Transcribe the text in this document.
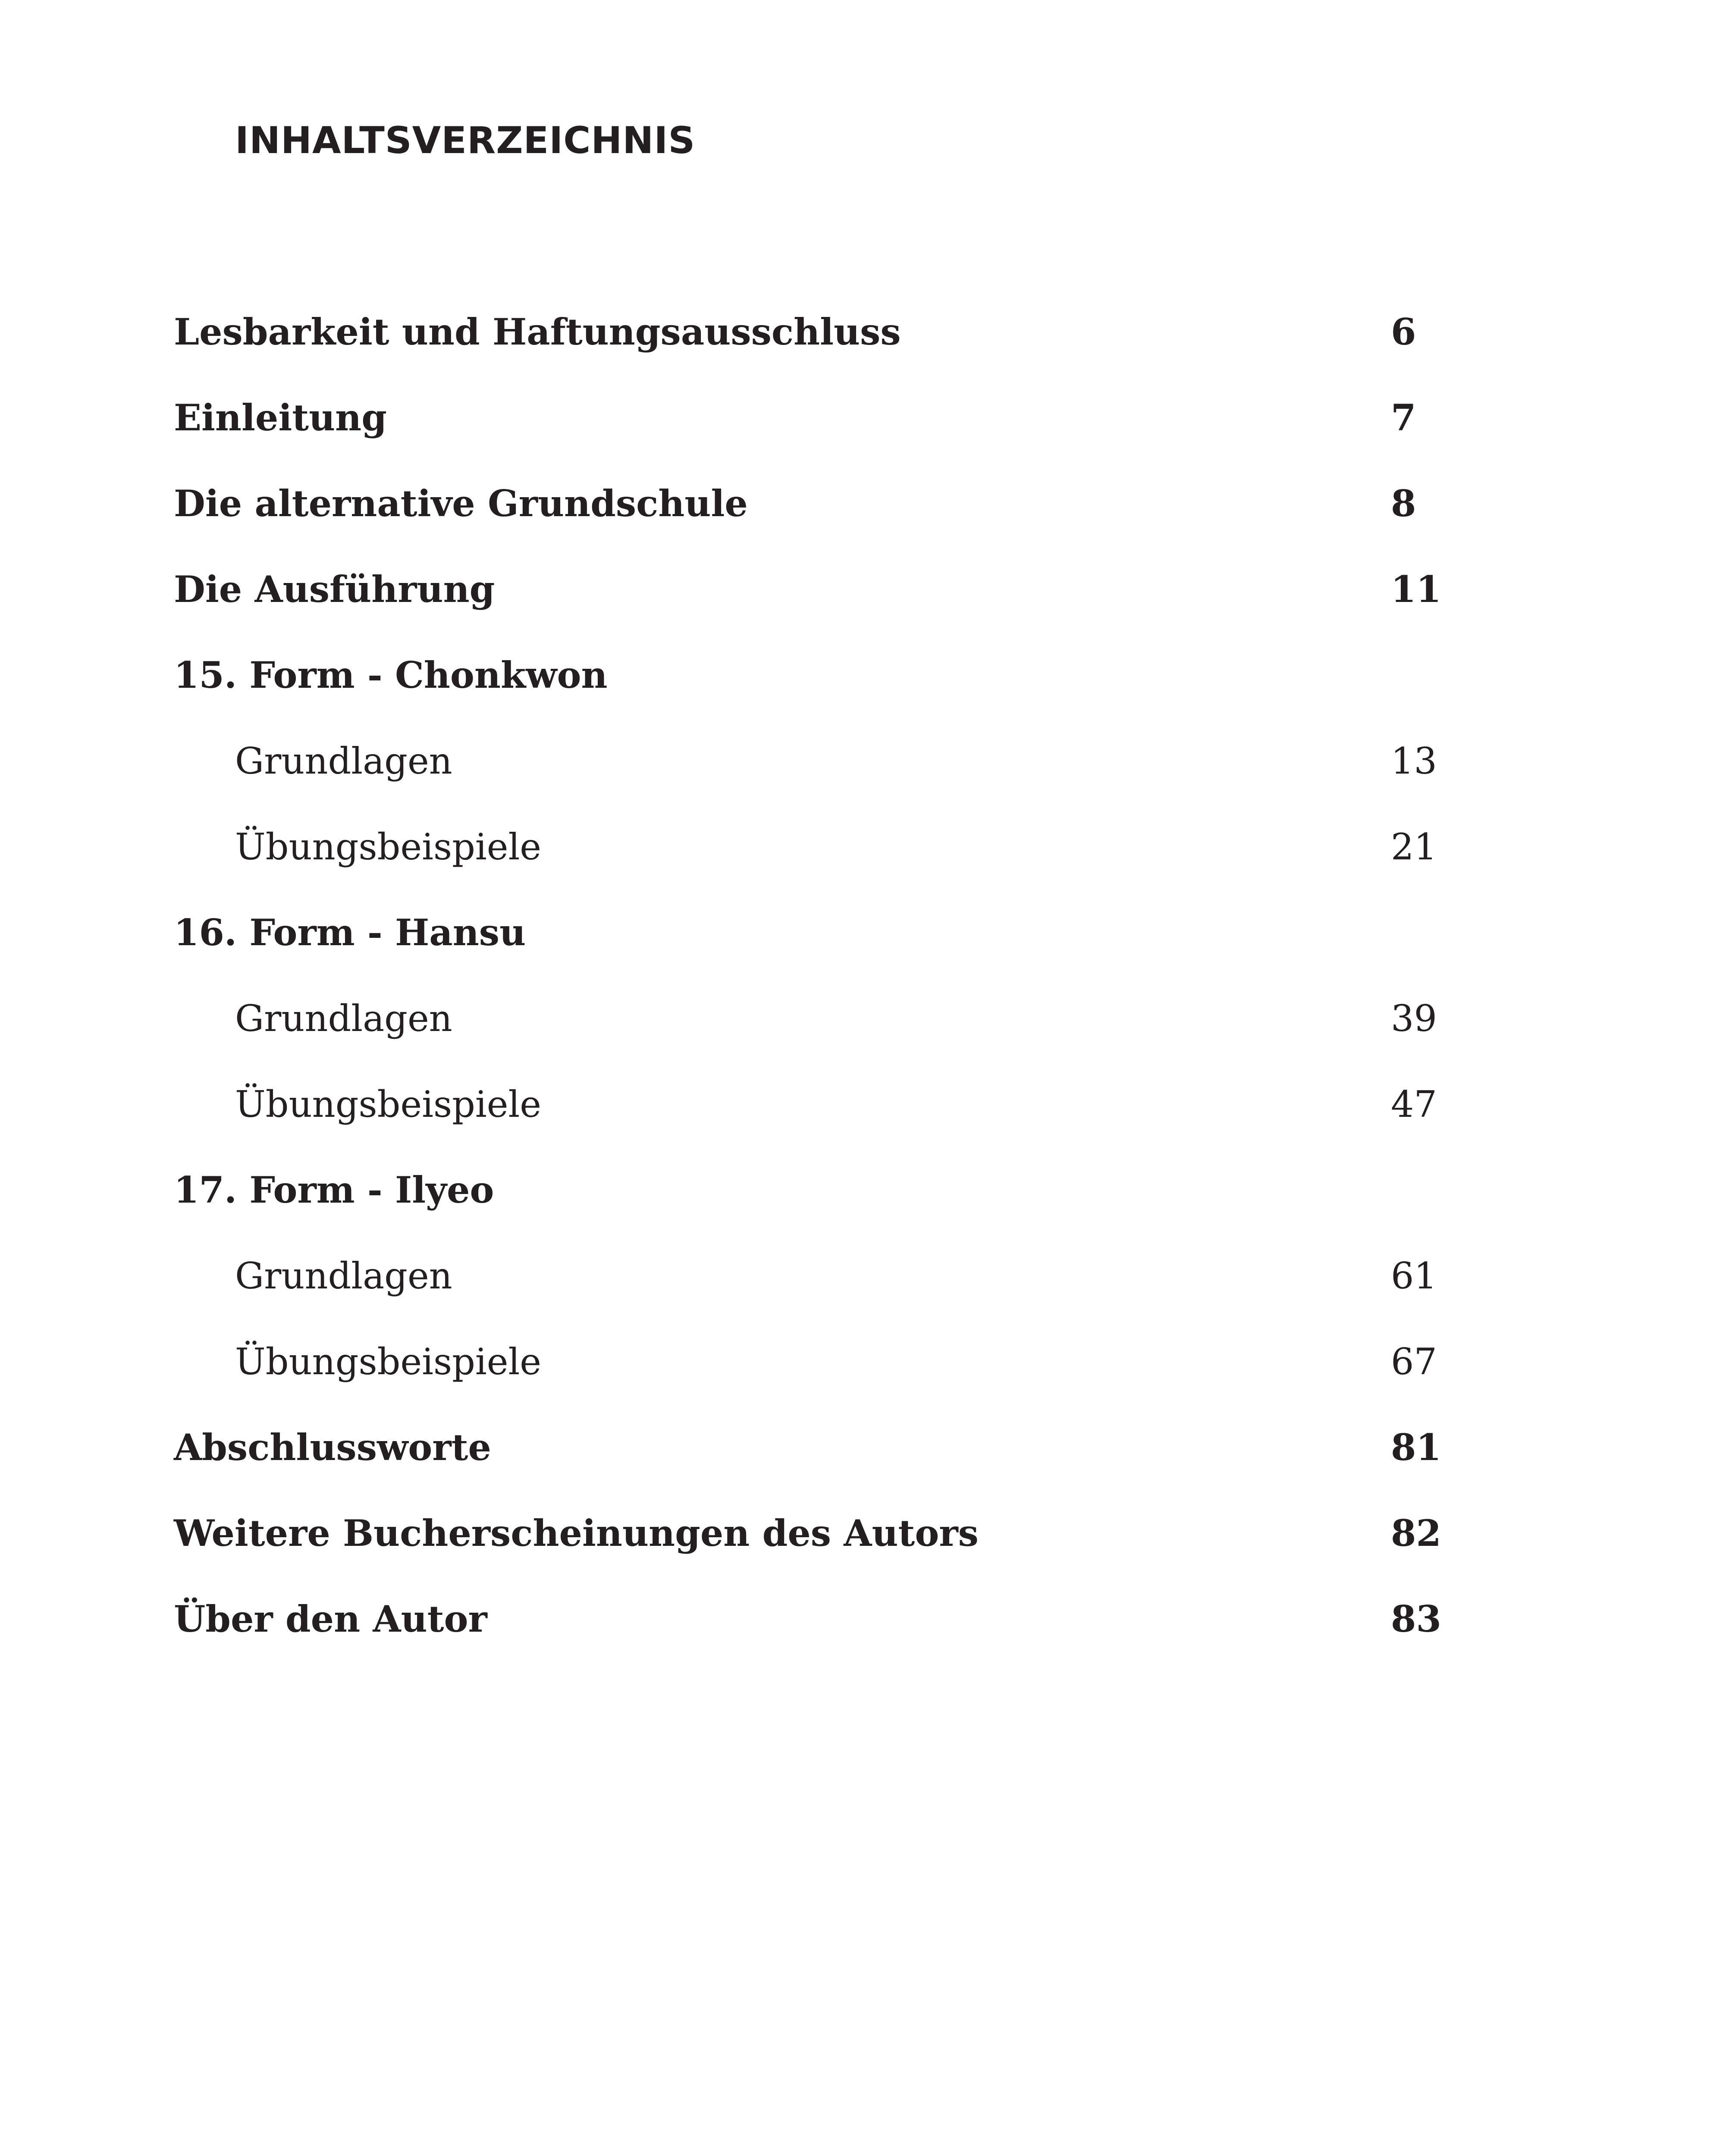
INHALTSVERZEICHNIS
Lesbarkeit und Haftungsausschluss	6
Einleitung	7
Die alternative Grundschule	8
Die Ausführung	11
15. Form - Chonkwon
Grundlagen	13
Übungsbeispiele	21
16. Form - Hansu
Grundlagen	39
Übungsbeispiele	47
17. Form - Ilyeo
Grundlagen	61
Übungsbeispiele	67
Abschlussworte	81
Weitere Bucherscheinungen des Autors	82
Über den Autor	83
